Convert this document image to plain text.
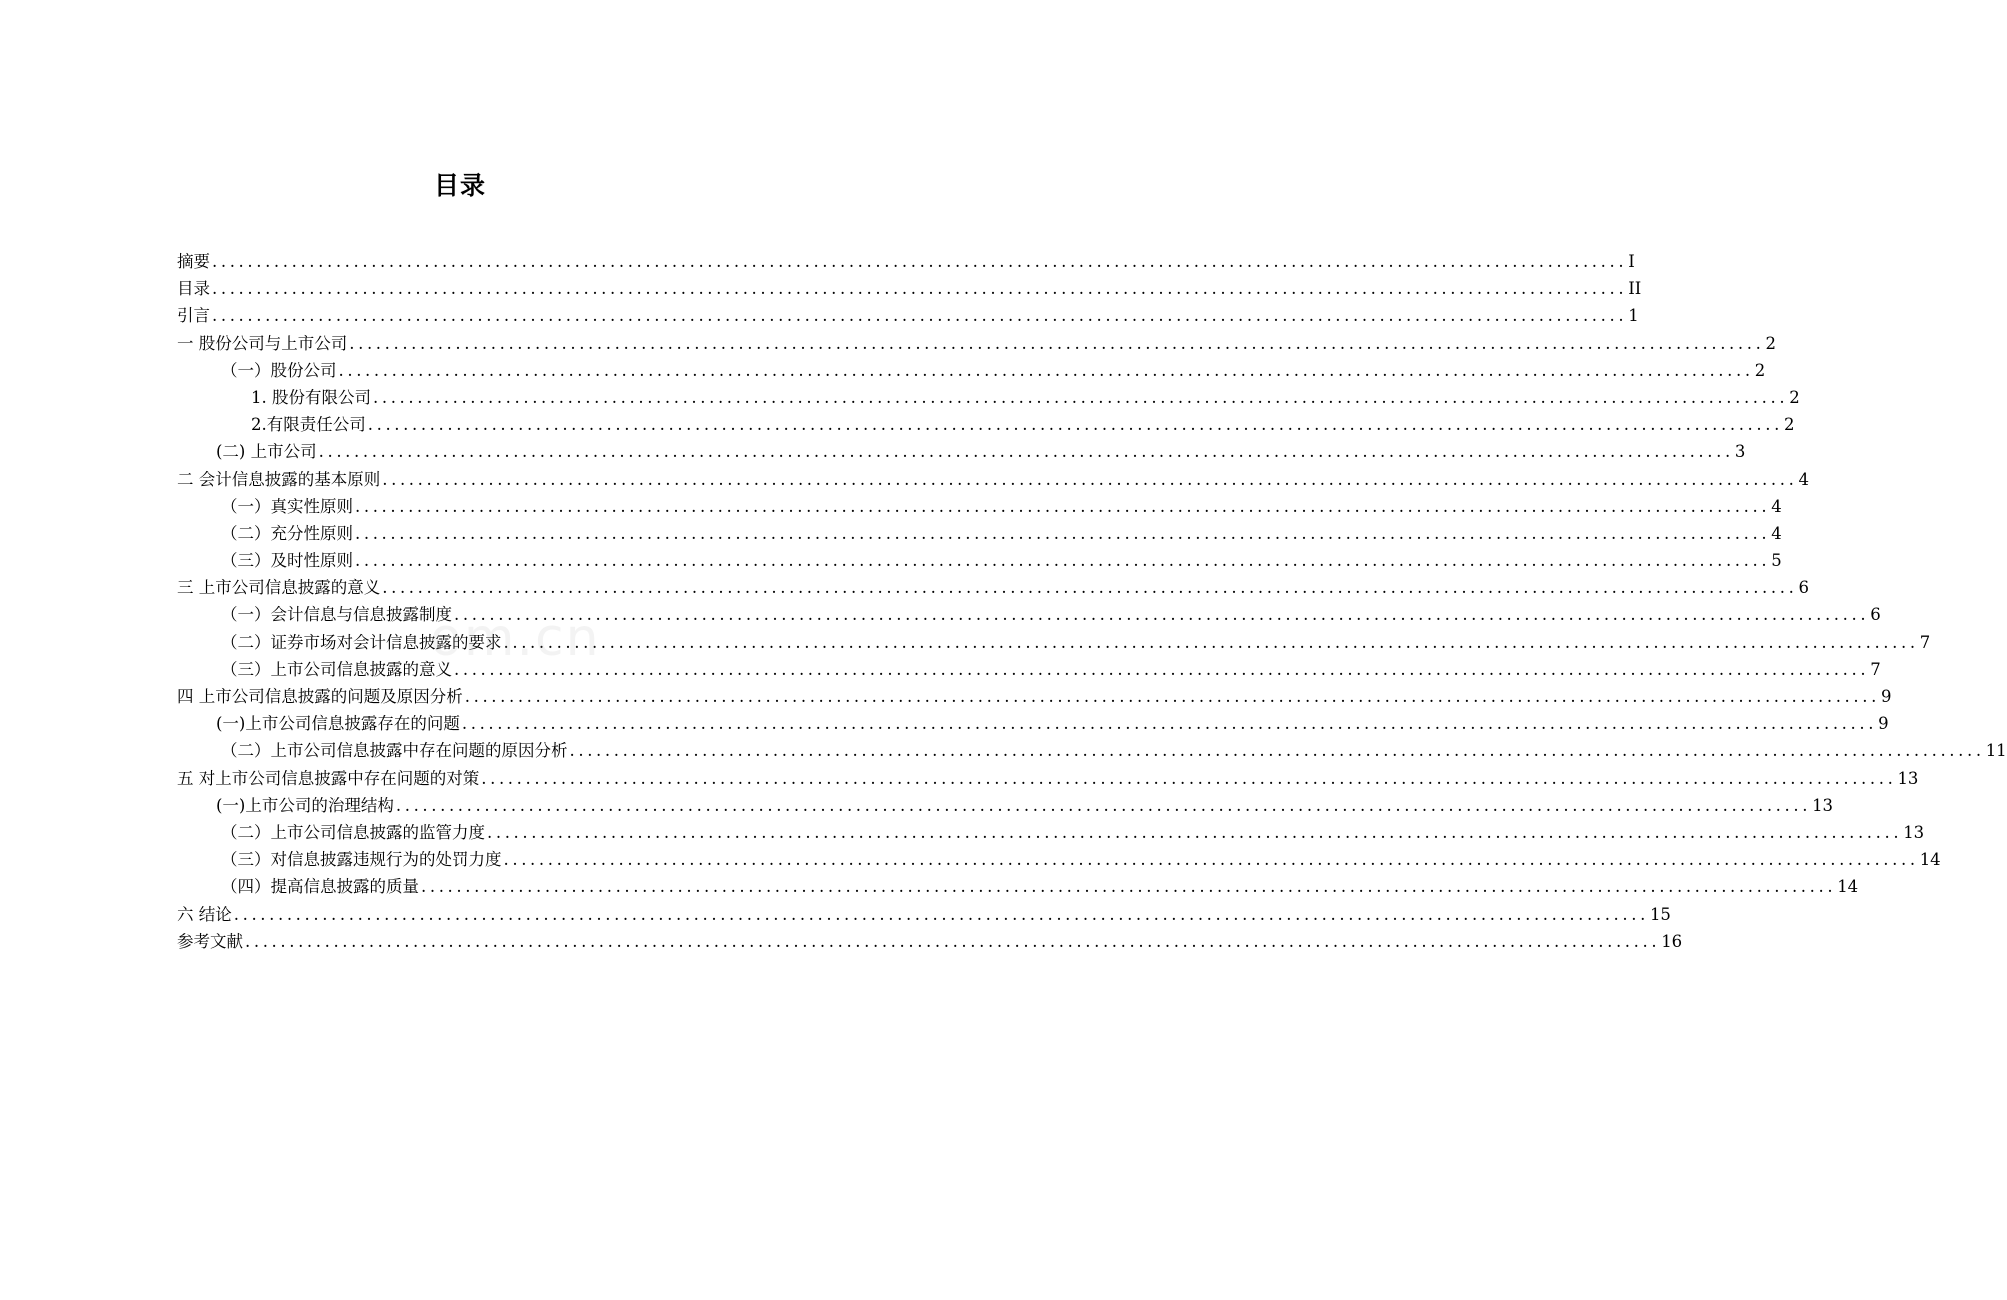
目录
摘要 ................................................................................................................................................................ I
目录 ................................................................................................................................................................ II
引言 ................................................................................................................................................................ 1
一 股份公司与上市公司 ................................................................................................................................................................ 2
（一）股份公司 ................................................................................................................................................................ 2
1. 股份有限公司 ................................................................................................................................................................ 2
2.有限责任公司 ................................................................................................................................................................ 2
(二) 上市公司 ................................................................................................................................................................ 3
二 会计信息披露的基本原则 ................................................................................................................................................................ 4
（一）真实性原则 ................................................................................................................................................................ 4
（二）充分性原则 ................................................................................................................................................................ 4
（三）及时性原则 ................................................................................................................................................................ 5
三 上市公司信息披露的意义 ................................................................................................................................................................ 6
（一）会计信息与信息披露制度 ................................................................................................................................................................ 6
（二）证券市场对会计信息披露的要求 ................................................................................................................................................................ 7
（三）上市公司信息披露的意义 ................................................................................................................................................................ 7
四 上市公司信息披露的问题及原因分析 ................................................................................................................................................................ 9
(一)上市公司信息披露存在的问题 ................................................................................................................................................................ 9
（二）上市公司信息披露中存在问题的原因分析 ................................................................................................................................................................ 11
五 对上市公司信息披露中存在问题的对策 ................................................................................................................................................................ 13
(一)上市公司的治理结构 ................................................................................................................................................................ 13
（二）上市公司信息披露的监管力度 ................................................................................................................................................................ 13
（三）对信息披露违规行为的处罚力度 ................................................................................................................................................................ 14
（四）提高信息披露的质量 ................................................................................................................................................................ 14
六 结论 ................................................................................................................................................................ 15
参考文献 ................................................................................................................................................................ 16
om.cn
